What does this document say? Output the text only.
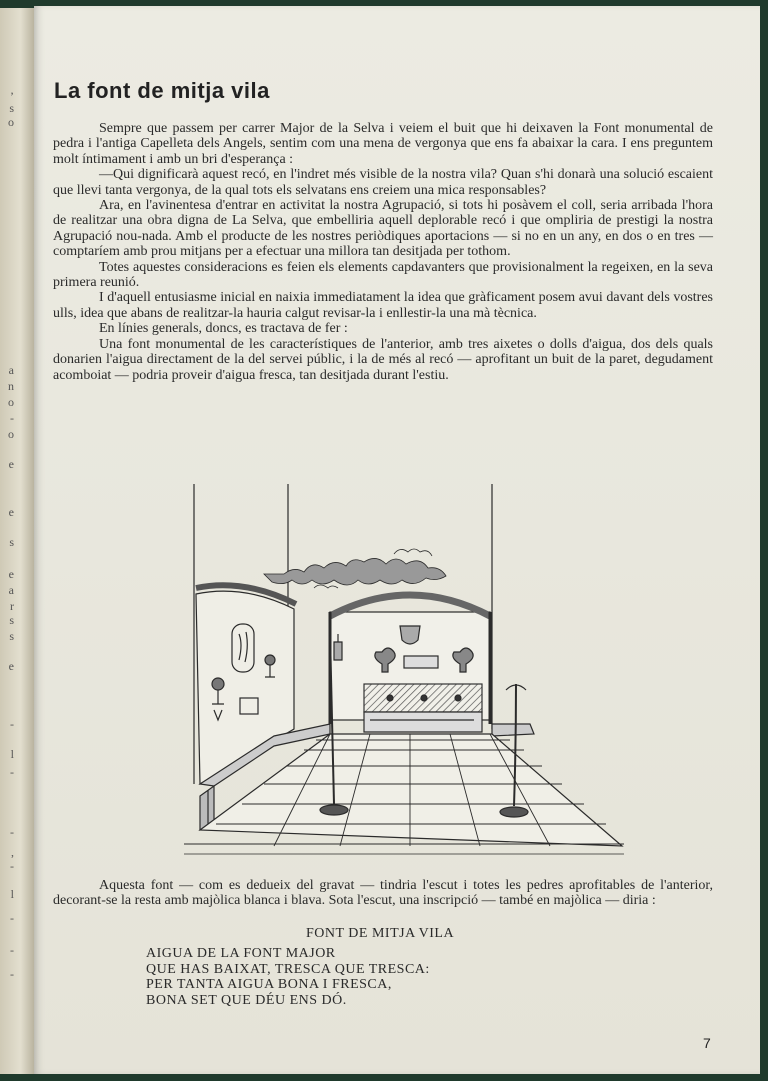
’
s
o
a
n
o
-
o
e
e
s
e
a
r
s
s
e
-
l
-
-
,
-
l
-
-
-
La font de mitja vila

Sempre que passem per carrer Major de la Selva i veiem el buit que hi deixaven la Font monumental de pedra i l'antiga Capelleta dels Angels, sentim com una mena de vergonya que ens fa abaixar la cara. I ens preguntem molt íntimament i amb un bri d'esperança :

—Qui dignificarà aquest recó, en l'indret més visible de la nostra vila? Quan s'hi donarà una solució escaient que llevi tanta vergonya, de la qual tots els selvatans ens creiem una mica responsables?

Ara, en l'avinentesa d'entrar en activitat la nostra Agrupació, si tots hi posàvem el coll, seria arribada l'hora de realitzar una obra digna de La Selva, que embelliria aquell deplorable recó i que ompliria de prestigi la nostra Agrupació nou-nada. Amb el producte de les nostres periòdiques aportacions — si no en un any, en dos o en tres — comptaríem amb prou mitjans per a efectuar una millora tan desitjada per tothom.

Totes aquestes consideracions es feien els elements capdavanters que provisionalment la regeixen, en la seva primera reunió.

I d'aquell entusiasme inicial en naixia immediatament la idea que gràficament posem avui davant dels vostres ulls, idea que abans de realitzar-la hauria calgut revisar-la i enllestir-la una mà tècnica.

En línies generals, doncs, es tractava de fer :

Una font monumental de les característiques de l'anterior, amb tres aixetes o dolls d'aigua, dos dels quals donarien l'aigua directament de la del servei públic, i la de més al recó — aprofitant un buit de la paret, degudament acomboiat — podria proveir d'aigua fresca, tan desitjada durant l'estiu.

Aquesta font — com es dedueix del gravat — tindria l'escut i totes les pedres aprofitables de l'anterior, decorant-se la resta amb majòlica blanca i blava. Sota l'escut, una inscripció — també en majòlica — diria :

FONT DE MITJA VILA
AIGUA DE LA FONT MAJOR
QUE HAS BAIXAT, TRESCA QUE TRESCA:
PER TANTA AIGUA BONA I FRESCA,
BONA SET QUE DÉU ENS DÓ.
7
